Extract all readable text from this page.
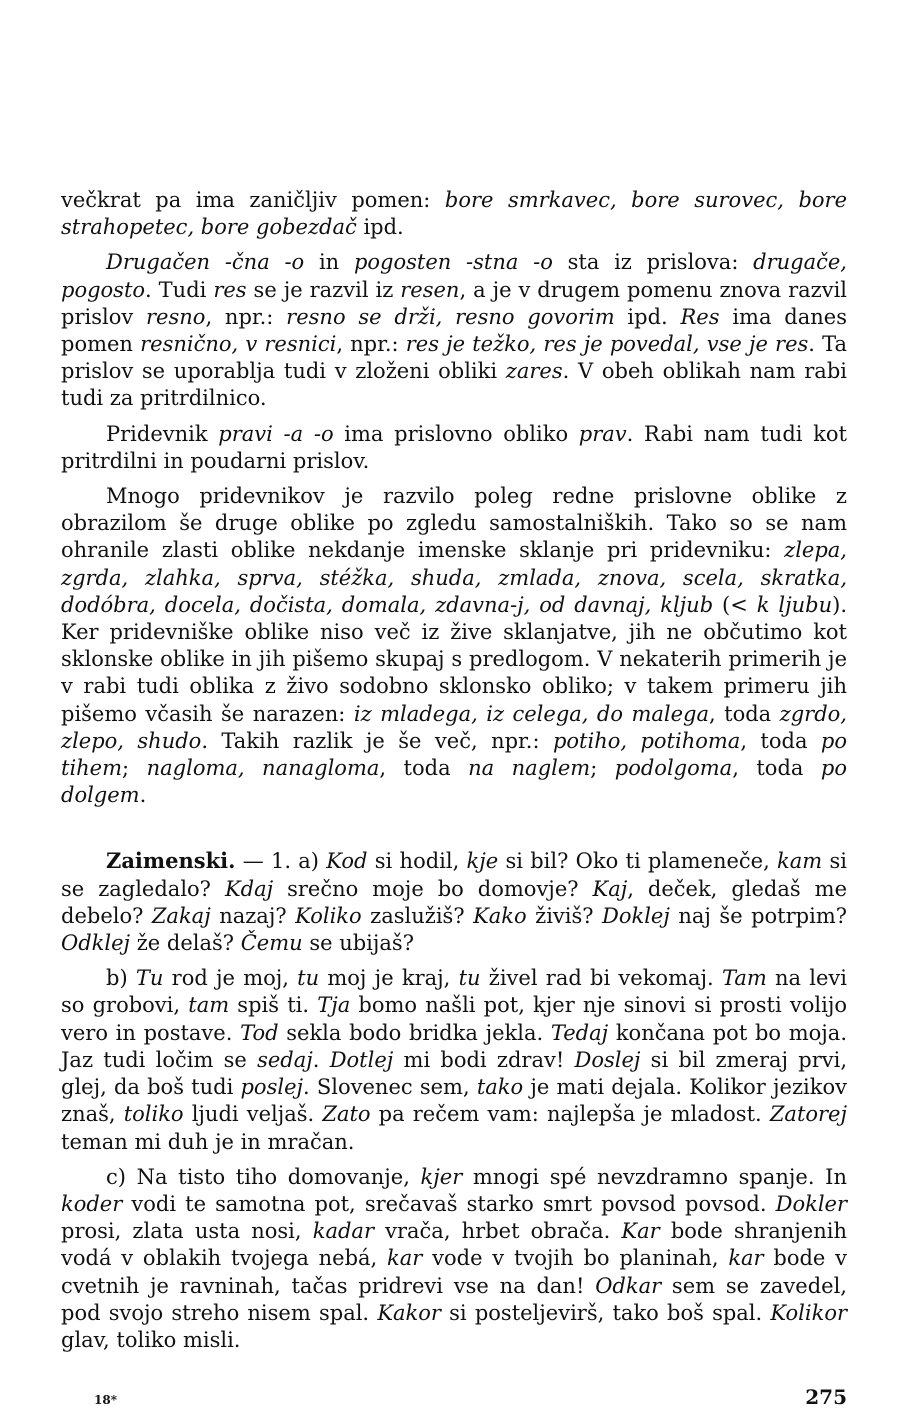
večkrat pa ima zaničljiv pomen: bore smrkavec, bore surovec, bore strahopetec, bore gobezdač ipd.

Drugačen -čna -o in pogosten -stna -o sta iz prislova: drugače, pogosto. Tudi res se je razvil iz resen, a je v drugem pomenu znova razvil prislov resno, npr.: resno se drži, resno govorim ipd. Res ima danes pomen resnično, v resnici, npr.: res je težko, res je povedal, vse je res. Ta prislov se uporablja tudi v zloženi obliki zares. V obeh oblikah nam rabi tudi za pritrdilnico.

Pridevnik pravi -a -o ima prislovno obliko prav. Rabi nam tudi kot pritrdilni in poudarni prislov.

Mnogo pridevnikov je razvilo poleg redne prislovne oblike z obrazilom še druge oblike po zgledu samostalniških. Tako so se nam ohranile zlasti oblike nekdanje imenske sklanje pri pridevniku: zlepa, zgrda, zlahka, sprva, stéžka, shuda, zmlada, znova, scela, skratka, dodóbra, docela, dočista, domala, zdavna-j, od davnaj, kljub (< k ljubu). Ker pridevniške oblike niso več iz žive sklanjatve, jih ne občutimo kot sklonske oblike in jih pišemo skupaj s predlogom. V nekaterih primerih je v rabi tudi oblika z živo sodobno sklonsko obliko; v takem primeru jih pišemo včasih še narazen: iz mladega, iz celega, do malega, toda zgrdo, zlepo, shudo. Takih razlik je še več, npr.: potiho, potihoma, toda po tihem; nagloma, nanagloma, toda na naglem; podolgoma, toda po dolgem.

Zaimenski. — 1. a) Kod si hodil, kje si bil? Oko ti plameneče, kam si se zagledalo? Kdaj srečno moje bo domovje? Kaj, deček, gledaš me debelo? Zakaj nazaj? Koliko zaslužiš? Kako živiš? Doklej naj še potrpim? Odklej že delaš? Čemu se ubijaš?

b) Tu rod je moj, tu moj je kraj, tu živel rad bi vekomaj. Tam na levi so grobovi, tam spiš ti. Tja bomo našli pot, kjer nje sinovi si prosti volijo vero in postave. Tod sekla bodo bridka jekla. Tedaj končana pot bo moja. Jaz tudi ločim se sedaj. Dotlej mi bodi zdrav! Doslej si bil zmeraj prvi, glej, da boš tudi poslej. Slovenec sem, tako je mati dejala. Kolikor jezikov znaš, toliko ljudi veljaš. Zato pa rečem vam: najlepša je mladost. Zatorej teman mi duh je in mračan.

c) Na tisto tiho domovanje, kjer mnogi spé nevzdramno spanje. In koder vodi te samotna pot, srečavaš starko smrt povsod povsod. Dokler prosi, zlata usta nosi, kadar vrača, hrbet obrača. Kar bode shranjenih vodá v oblakih tvojega nebá, kar vode v tvojih bo planinah, kar bode v cvetnih je ravninah, tačas pridrevi vse na dan! Odkar sem se zavedel, pod svojo streho nisem spal. Kakor si posteljevirš, tako boš spal. Kolikor glav, toliko misli.

18*	275
